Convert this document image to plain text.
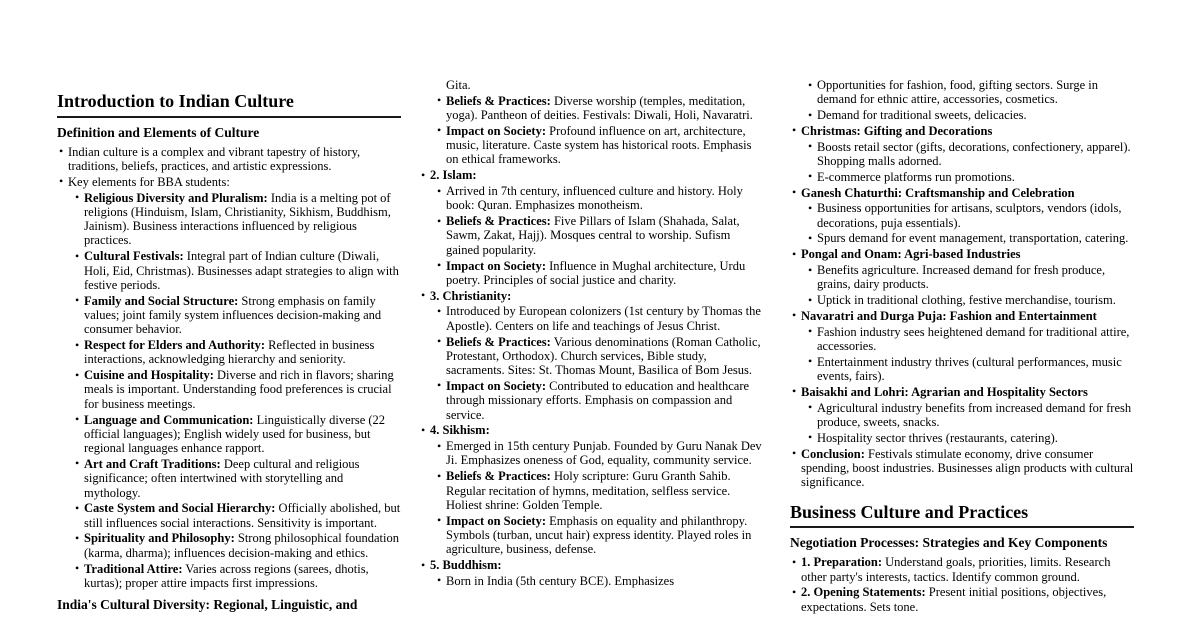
Introduction to Indian Culture
Definition and Elements of Culture
• Indian culture is a complex and vibrant tapestry of history, traditions, beliefs, practices, and artistic expressions.
• Key elements for BBA students:
• Religious Diversity and Pluralism: India is a melting pot of religions (Hinduism, Islam, Christianity, Sikhism, Buddhism, Jainism). Business interactions influenced by religious practices.
• Cultural Festivals: Integral part of Indian culture (Diwali, Holi, Eid, Christmas). Businesses adapt strategies to align with festive periods.
• Family and Social Structure: Strong emphasis on family values; joint family system influences decision-making and consumer behavior.
• Respect for Elders and Authority: Reflected in business interactions, acknowledging hierarchy and seniority.
• Cuisine and Hospitality: Diverse and rich in flavors; sharing meals is important. Understanding food preferences is crucial for business meetings.
• Language and Communication: Linguistically diverse (22 official languages); English widely used for business, but regional languages enhance rapport.
• Art and Craft Traditions: Deep cultural and religious significance; often intertwined with storytelling and mythology.
• Caste System and Social Hierarchy: Officially abolished, but still influences social interactions. Sensitivity is important.
• Spirituality and Philosophy: Strong philosophical foundation (karma, dharma); influences decision-making and ethics.
• Traditional Attire: Varies across regions (sarees, dhotis, kurtas); proper attire impacts first impressions.
India's Cultural Diversity: Regional, Linguistic, and
Gita.
• Beliefs & Practices: Diverse worship (temples, meditation, yoga). Pantheon of deities. Festivals: Diwali, Holi, Navaratri.
• Impact on Society: Profound influence on art, architecture, music, literature. Caste system has historical roots. Emphasis on ethical frameworks.
• 2. Islam:
• Arrived in 7th century, influenced culture and history. Holy book: Quran. Emphasizes monotheism.
• Beliefs & Practices: Five Pillars of Islam (Shahada, Salat, Sawm, Zakat, Hajj). Mosques central to worship. Sufism gained popularity.
• Impact on Society: Influence in Mughal architecture, Urdu poetry. Principles of social justice and charity.
• 3. Christianity:
• Introduced by European colonizers (1st century by Thomas the Apostle). Centers on life and teachings of Jesus Christ.
• Beliefs & Practices: Various denominations (Roman Catholic, Protestant, Orthodox). Church services, Bible study, sacraments. Sites: St. Thomas Mount, Basilica of Bom Jesus.
• Impact on Society: Contributed to education and healthcare through missionary efforts. Emphasis on compassion and service.
• 4. Sikhism:
• Emerged in 15th century Punjab. Founded by Guru Nanak Dev Ji. Emphasizes oneness of God, equality, community service.
• Beliefs & Practices: Holy scripture: Guru Granth Sahib. Regular recitation of hymns, meditation, selfless service. Holiest shrine: Golden Temple.
• Impact on Society: Emphasis on equality and philanthropy. Symbols (turban, uncut hair) express identity. Played roles in agriculture, business, defense.
• 5. Buddhism:
• Born in India (5th century BCE). Emphasizes
• Opportunities for fashion, food, gifting sectors. Surge in demand for ethnic attire, accessories, cosmetics.
• Demand for traditional sweets, delicacies.
• Christmas: Gifting and Decorations
• Boosts retail sector (gifts, decorations, confectionery, apparel). Shopping malls adorned.
• E-commerce platforms run promotions.
• Ganesh Chaturthi: Craftsmanship and Celebration
• Business opportunities for artisans, sculptors, vendors (idols, decorations, puja essentials).
• Spurs demand for event management, transportation, catering.
• Pongal and Onam: Agri-based Industries
• Benefits agriculture. Increased demand for fresh produce, grains, dairy products.
• Uptick in traditional clothing, festive merchandise, tourism.
• Navaratri and Durga Puja: Fashion and Entertainment
• Fashion industry sees heightened demand for traditional attire, accessories.
• Entertainment industry thrives (cultural performances, music events, fairs).
• Baisakhi and Lohri: Agrarian and Hospitality Sectors
• Agricultural industry benefits from increased demand for fresh produce, sweets, snacks.
• Hospitality sector thrives (restaurants, catering).
• Conclusion: Festivals stimulate economy, drive consumer spending, boost industries. Businesses align products with cultural significance.
Business Culture and Practices
Negotiation Processes: Strategies and Key Components
• 1. Preparation: Understand goals, priorities, limits. Research other party's interests, tactics. Identify common ground.
• 2. Opening Statements: Present initial positions, objectives, expectations. Sets tone.
